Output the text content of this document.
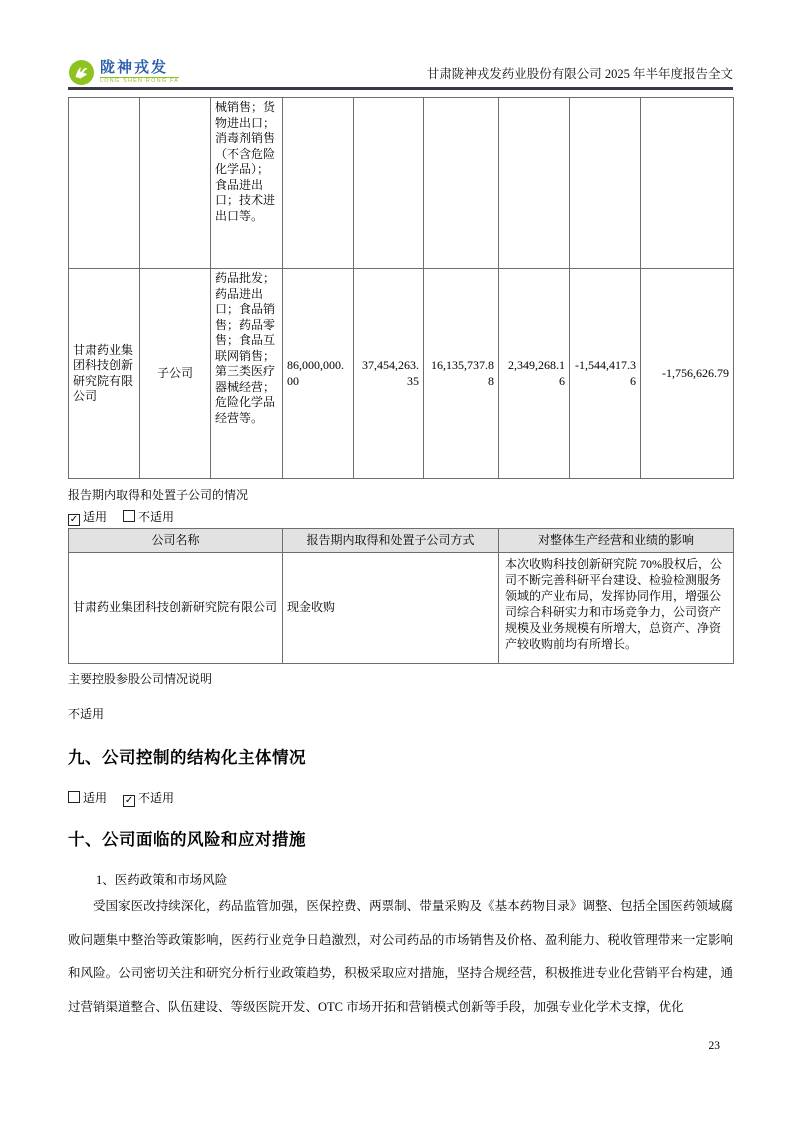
陇神戎发
LONG SHEN RONG FA
甘肃陇神戎发药业股份有限公司 2025 年半年度报告全文
		械销售；货物进出口；消毒剂销售（不含危险化学品）；食品进出口；技术进出口等。						
甘肃药业集团科技创新研究院有限公司	子公司	药品批发；药品进出口；食品销售；药品零售；食品互联网销售；第三类医疗器械经营；危险化学品经营等。	86,000,000.00	37,454,263.35	16,135,737.88	2,349,268.16	-1,544,417.36	-1,756,626.79
报告期内取得和处置子公司的情况
✓ 适用	不适用
公司名称	报告期内取得和处置子公司方式	对整体生产经营和业绩的影响
甘肃药业集团科技创新研究院有限公司	现金收购	本次收购科技创新研究院 70%股权后，公司不断完善科研平台建设、检验检测服务领域的产业布局，发挥协同作用，增强公司综合科研实力和市场竞争力，公司资产规模及业务规模有所增大，总资产、净资产较收购前均有所增长。
主要控股参股公司情况说明
不适用
九、公司控制的结构化主体情况
适用 ✓ 不适用
十、公司面临的风险和应对措施
1、医药政策和市场风险
受国家医改持续深化，药品监管加强，医保控费、两票制、带量采购及《基本药物目录》调整、包括全国医药领域腐败问题集中整治等政策影响，医药行业竞争日趋激烈，对公司药品的市场销售及价格、盈利能力、税收管理带来一定影响和风险。公司密切关注和研究分析行业政策趋势，积极采取应对措施，坚持合规经营，积极推进专业化营销平台构建，通过营销渠道整合、队伍建设、等级医院开发、OTC 市场开拓和营销模式创新等手段，加强专业化学术支撑，优化
23
